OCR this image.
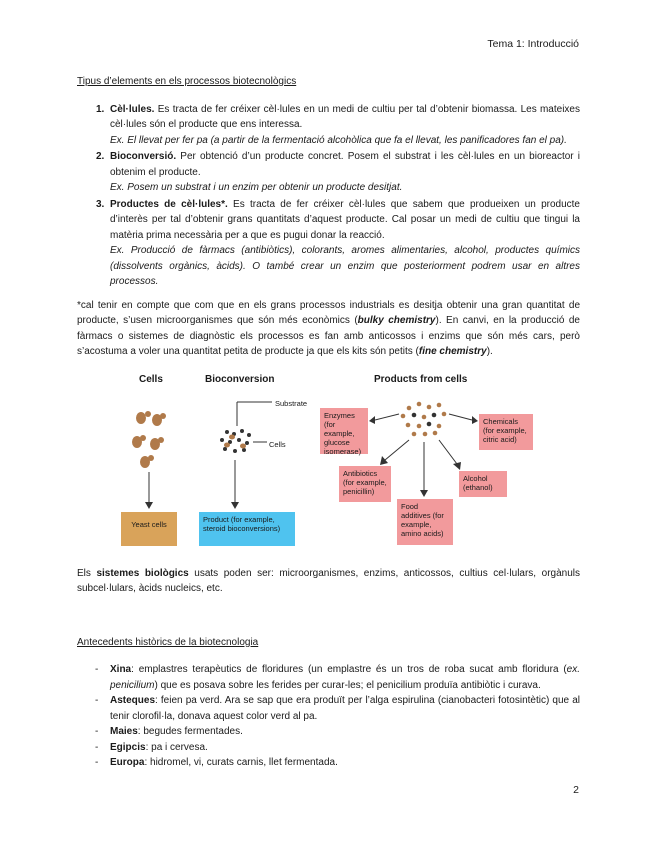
Tema 1: Introducció
Tipus d’elements en els processos biotecnològics
1. Cèl·lules. Es tracta de fer créixer cèl·lules en un medi de cultiu per tal d’obtenir biomassa. Les mateixes cèl·lules són el producte que ens interessa.
Ex. El llevat per fer pa (a partir de la fermentació alcohòlica que fa el llevat, les panificadores fan el pa).
2. Bioconversió. Per obtenció d’un producte concret. Posem el substrat i les cèl·lules en un bioreactor i obtenim el producte.
Ex. Posem un substrat i un enzim per obtenir un producte desitjat.
3. Productes de cèl·lules*. Es tracta de fer créixer cèl·lules que sabem que produeixen un producte d’interès per tal d’obtenir grans quantitats d’aquest producte. Cal posar un medi de cultiu que tingui la matèria prima necessària per a que es pugui donar la reacció.
Ex. Producció de fàrmacs (antibiòtics), colorants, aromes alimentaries, alcohol, productes químics (dissolvents orgànics, àcids). O també crear un enzim que posteriorment podrem usar en altres processos.

*cal tenir en compte que com que en els grans processos industrials es desitja obtenir una gran quantitat de producte, s’usen microorganismes que són més econòmics (bulky chemistry). En canvi, en la producció de fàrmacs o sistemes de diagnòstic els processos es fan amb anticossos i enzims que són més cars, però s’acostuma a voler una quantitat petita de producte ja que els kits són petits (fine chemistry).

Cells	Bioconversion	Products from cells
Substrate
Cells
Yeast cells
Product (for example, steroid bioconversions)
Enzymes (for example, glucose isomerase)
Chemicals (for example, citric acid)
Antibiotics (for example, penicillin)
Alcohol (ethanol)
Food additives (for example, amino acids)

Els sistemes biològics usats poden ser: microorganismes, enzims, anticossos, cultius cel·lulars, orgànuls subcel·lulars, àcids nucleics, etc.

Antecedents històrics de la biotecnologia
- Xina: emplastres terapèutics de floridures (un emplastre és un tros de roba sucat amb floridura (ex. penicilium) que es posava sobre les ferides per curar-les; el penicilium produïa antibiòtic i curava.
- Asteques: feien pa verd. Ara se sap que era produït per l’alga espirulina (cianobacteri fotosintètic) que al tenir clorofil·la, donava aquest color verd al pa.
- Maies: begudes fermentades.
- Egipcis: pa i cervesa.
- Europa: hidromel, vi, curats carnis, llet fermentada.
2
